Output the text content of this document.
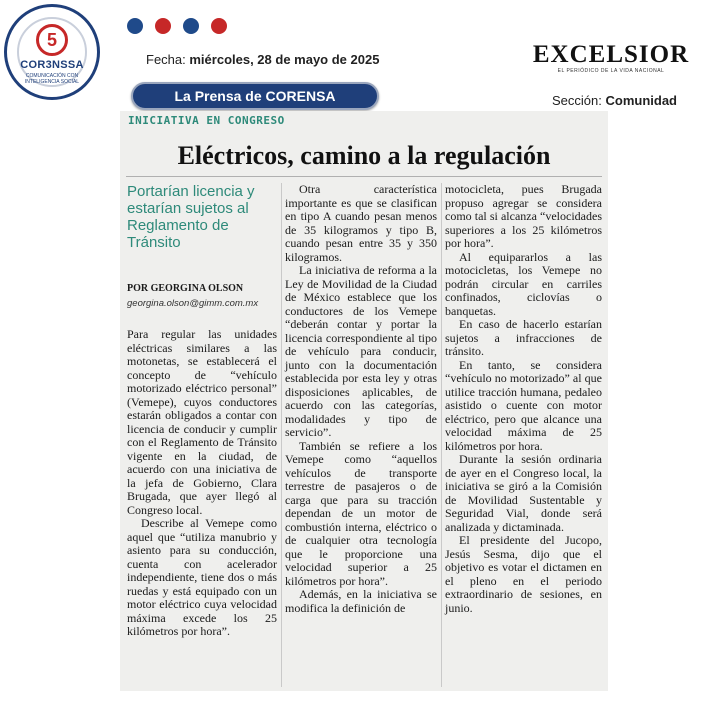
5
COR3NSSA
COMUNICACIÓN CON INTELIGENCIA SOCIAL
Fecha: miércoles, 28 de mayo de 2025
La Prensa de CORENSA
EXCELSIOR
EL PERIÓDICO DE LA VIDA NACIONAL
Sección: Comunidad
INICIATIVA EN CONGRESO
Eléctricos, camino a la regulación
Portarían licencia y estarían sujetos al Reglamento de Tránsito
POR GEORGINA OLSON
georgina.olson@gimm.com.mx

Para regular las unidades eléctricas similares a las motonetas, se establecerá el concepto de “vehículo motorizado eléctrico personal” (Vemepe), cuyos conductores estarán obligados a contar con licencia de conducir y cumplir con el Reglamento de Tránsito vigente en la ciudad, de acuerdo con una iniciativa de la jefa de Gobierno, Clara Brugada, que ayer llegó al Congreso local.

Describe al Vemepe como aquel que “utiliza manubrio y asiento para su conducción, cuenta con acelerador independiente, tiene dos o más ruedas y está equipado con un motor eléctrico cuya velocidad máxima excede los 25 kilómetros por hora”.

Otra característica importante es que se clasifican en tipo A cuando pesan menos de 35 kilogramos y tipo B, cuando pesan entre 35 y 350 kilogramos.

La iniciativa de reforma a la Ley de Movilidad de la Ciudad de México establece que los conductores de los Vemepe “deberán contar y portar la licencia correspondiente al tipo de vehículo para conducir, junto con la documentación establecida por esta ley y otras disposiciones aplicables, de acuerdo con las categorías, modalidades y tipo de servicio”.

También se refiere a los Vemepe como “aquellos vehículos de transporte terrestre de pasajeros o de carga que para su tracción dependan de un motor de combustión interna, eléctrico o de cualquier otra tecnología que le proporcione una velocidad superior a 25 kilómetros por hora”.

Además, en la iniciativa se modifica la definición de

motocicleta, pues Brugada propuso agregar se considera como tal si alcanza “velocidades superiores a los 25 kilómetros por hora”.

Al equipararlos a las motocicletas, los Vemepe no podrán circular en carriles confinados, ciclovías o banquetas.

En caso de hacerlo estarían sujetos a infracciones de tránsito.

En tanto, se considera “vehículo no motorizado” al que utilice tracción humana, pedaleo asistido o cuente con motor eléctrico, pero que alcance una velocidad máxima de 25 kilómetros por hora.

Durante la sesión ordinaria de ayer en el Congreso local, la iniciativa se giró a la Comisión de Movilidad Sustentable y Seguridad Vial, donde será analizada y dictaminada.

El presidente del Jucopo, Jesús Sesma, dijo que el objetivo es votar el dictamen en el pleno en el periodo extraordinario de sesiones, en junio.
